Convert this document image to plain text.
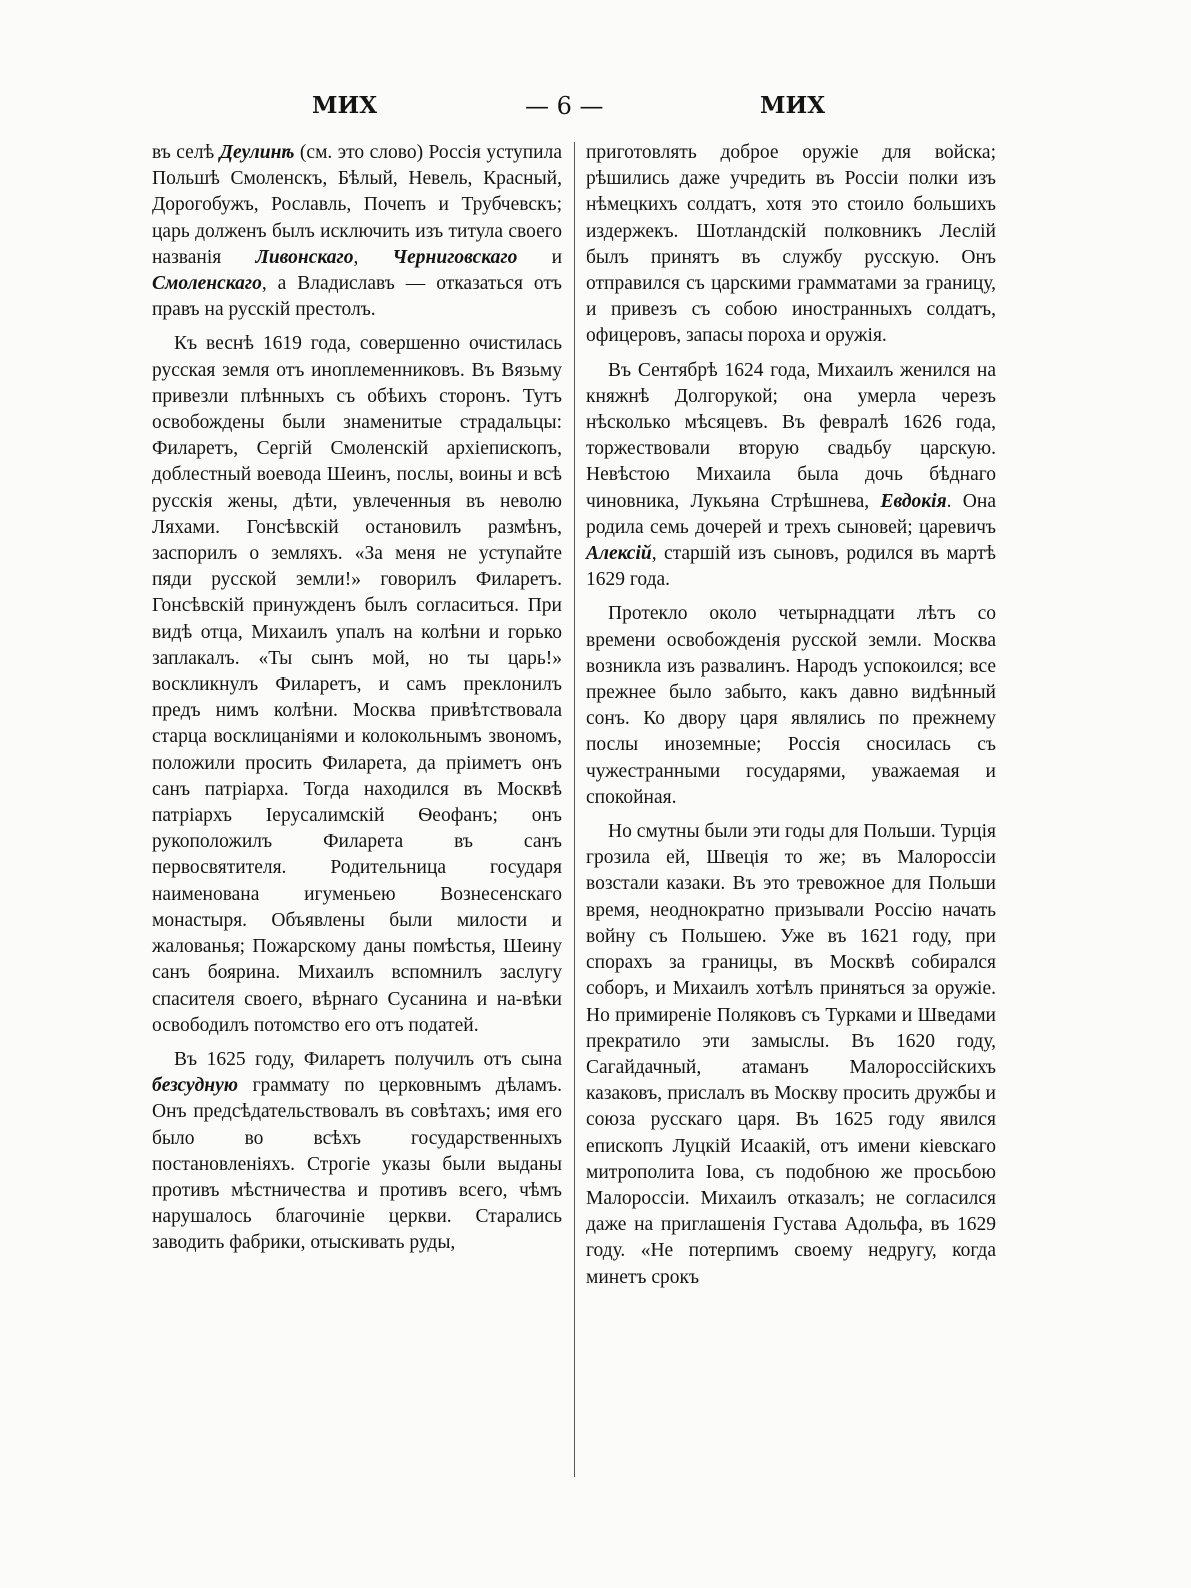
МИХ	— 6 —	МИХ

въ селѣ Деулинѣ (см. это слово) Россія уступила Польшѣ Смоленскъ, Бѣлый, Невель, Красный, Дорогобужъ, Рославль, Почепъ и Трубчевскъ; царь долженъ былъ исключить изъ титула своего названія Ливонскаго, Черниговскаго и Смоленскаго, а Владиславъ — отказаться отъ правъ на русскій престолъ.

Къ веснѣ 1619 года, совершенно очистилась русская земля отъ иноплеменниковъ. Въ Вязьму привезли плѣнныхъ съ обѣихъ сторонъ. Тутъ освобождены были знаменитые страдальцы: Филаретъ, Сергій Смоленскій архіепископъ, доблестный воевода Шеинъ, послы, воины и всѣ русскія жены, дѣти, увлеченныя въ неволю Ляхами. Гонсѣвскій остановилъ размѣнъ, заспорилъ о земляхъ. «За меня не уступайте пяди русской земли!» говорилъ Филаретъ. Гонсѣвскій принужденъ былъ согласиться. При видѣ отца, Михаилъ упалъ на колѣни и горько заплакалъ. «Ты сынъ мой, но ты царь!» воскликнулъ Филаретъ, и самъ преклонилъ предъ нимъ колѣни. Москва привѣтствовала старца восклицаніями и колокольнымъ звономъ, положили просить Филарета, да пріиметъ онъ санъ патріарха. Тогда находился въ Москвѣ патріархъ Іерусалимскій Ѳеофанъ; онъ рукоположилъ Филарета въ санъ первосвятителя. Родительница государя наименована игуменьею Вознесенскаго монастыря. Объявлены были милости и жалованья; Пожарскому даны помѣстья, Шеину санъ боярина. Михаилъ вспомнилъ заслугу спасителя своего, вѣрнаго Сусанина и на-вѣки освободилъ потомство его отъ податей.

Въ 1625 году, Филаретъ получилъ отъ сына безсудную граммату по церковнымъ дѣламъ. Онъ предсѣдательствовалъ въ совѣтахъ; имя его было во всѣхъ государственныхъ постановленіяхъ. Строгіе указы были выданы противъ мѣстничества и противъ всего, чѣмъ нарушалось благочиніе церкви. Старались заводить фабрики, отыскивать руды,

приготовлять доброе оружіе для войска; рѣшились даже учредить въ Россіи полки изъ нѣмецкихъ солдатъ, хотя это стоило большихъ издержекъ. Шотландскій полковникъ Леслій былъ принятъ въ службу русскую. Онъ отправился съ царскими грамматами за границу, и привезъ съ собою иностранныхъ солдатъ, офицеровъ, запасы пороха и оружія.

Въ Сентябрѣ 1624 года, Михаилъ женился на княжнѣ Долгорукой; она умерла черезъ нѣсколько мѣсяцевъ. Въ февралѣ 1626 года, торжествовали вторую свадьбу царскую. Невѣстою Михаила была дочь бѣднаго чиновника, Лукьяна Стрѣшнева, Евдокія. Она родила семь дочерей и трехъ сыновей; царевичъ Алексій, старшій изъ сыновъ, родился въ мартѣ 1629 года.

Протекло около четырнадцати лѣтъ со времени освобожденія русской земли. Москва возникла изъ развалинъ. Народъ успокоился; все прежнее было забыто, какъ давно видѣнный сонъ. Ко двору царя являлись по прежнему послы иноземные; Россія сносилась съ чужестранными государями, уважаемая и спокойная.

Но смутны были эти годы для Польши. Турція грозила ей, Швеція то же; въ Малороссіи возстали казаки. Въ это тревожное для Польши время, неоднократно призывали Россію начать войну съ Польшею. Уже въ 1621 году, при спорахъ за границы, въ Москвѣ собирался соборъ, и Михаилъ хотѣлъ приняться за оружіе. Но примиреніе Поляковъ съ Турками и Шведами прекратило эти замыслы. Въ 1620 году, Сагайдачный, атаманъ Малороссійскихъ казаковъ, прислалъ въ Москву просить дружбы и союза русскаго царя. Въ 1625 году явился епископъ Луцкій Исаакій, отъ имени кіевскаго митрополита Іова, съ подобною же просьбою Малороссіи. Михаилъ отказалъ; не согласился даже на приглашенія Густава Адольфа, въ 1629 году. «Не потерпимъ своему недругу, когда минетъ срокъ
